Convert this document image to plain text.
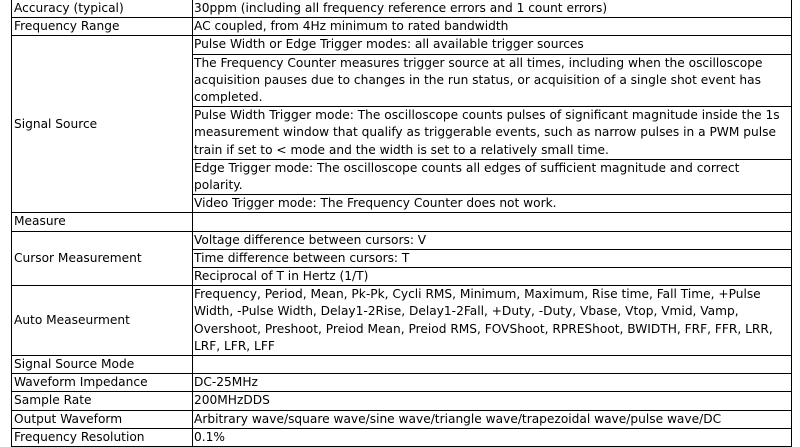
Accuracy (typical)	30ppm (including all frequency reference errors and 1 count errors)
Frequency Range	AC coupled, from 4Hz minimum to rated bandwidth
Signal Source	Pulse Width or Edge Trigger modes: all available trigger sources
	The Frequency Counter measures trigger source at all times, including when the oscilloscope acquisition pauses due to changes in the run status, or acquisition of a single shot event has completed.
	Pulse Width Trigger mode: The oscilloscope counts pulses of significant magnitude inside the 1s measurement window that qualify as triggerable events, such as narrow pulses in a PWM pulse train if set to < mode and the width is set to a relatively small time.
	Edge Trigger mode: The oscilloscope counts all edges of sufficient magnitude and correct polarity.
	Video Trigger mode: The Frequency Counter does not work.
Measure	
Cursor Measurement	Voltage difference between cursors: V
	Time difference between cursors: T
	Reciprocal of T in Hertz (1/T)
Auto Measeurment	Frequency, Period, Mean, Pk-Pk, Cycli RMS, Minimum, Maximum, Rise time, Fall Time, +Pulse Width, -Pulse Width, Delay1-2Rise, Delay1-2Fall, +Duty, -Duty, Vbase, Vtop, Vmid, Vamp, Overshoot, Preshoot, Preiod Mean, Preiod RMS, FOVShoot, RPREShoot, BWIDTH, FRF, FFR, LRR, LRF, LFR, LFF
Signal Source Mode	
Waveform Impedance	DC-25MHz
Sample Rate	200MHzDDS
Output Waveform	Arbitrary wave/square wave/sine wave/triangle wave/trapezoidal wave/pulse wave/DC
Frequency Resolution	0.1%
